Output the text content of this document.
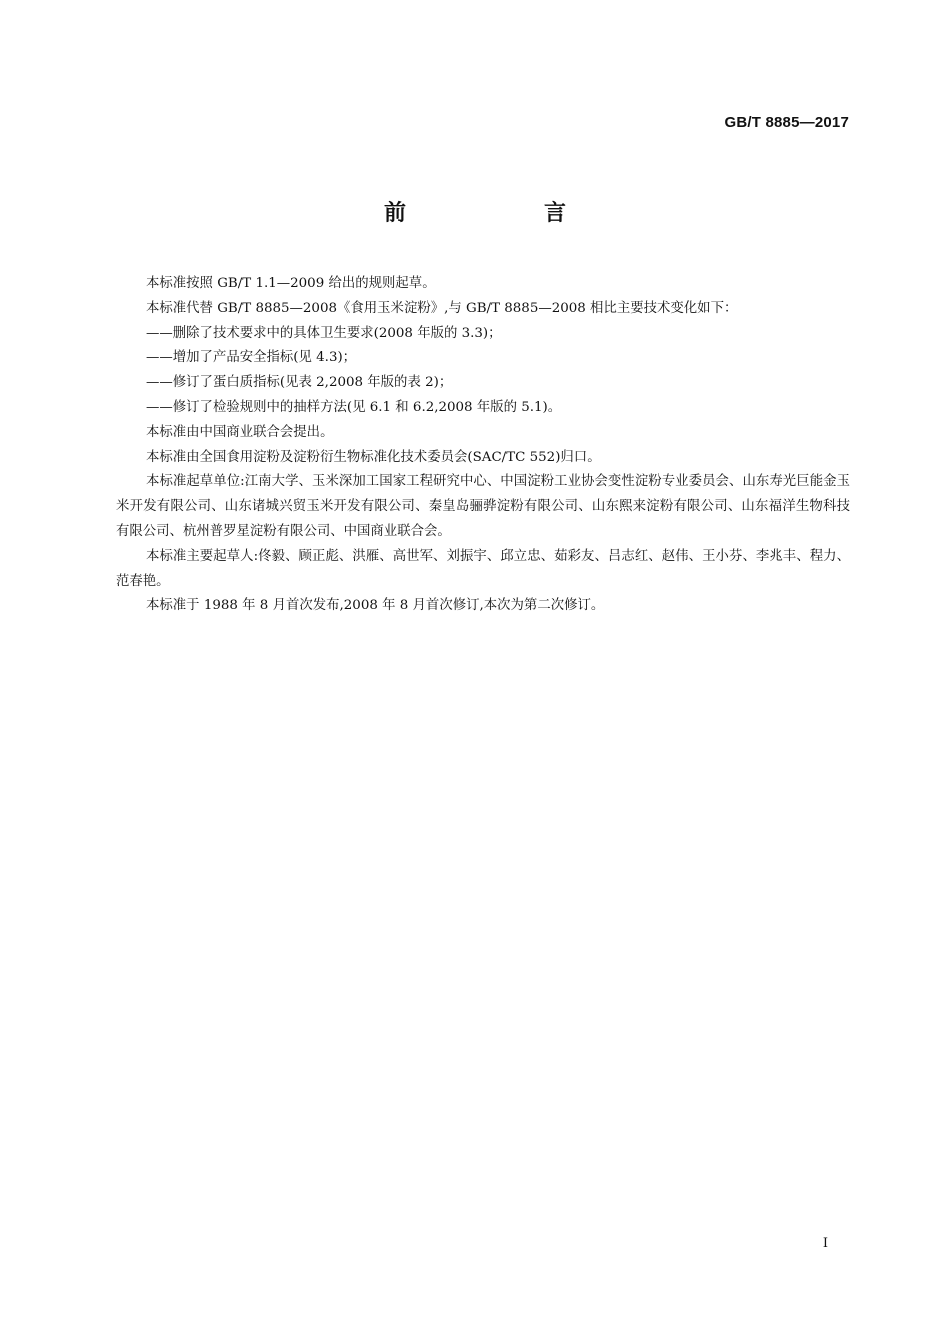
GB/T 8885—2017
前　言

本标准按照 GB/T 1.1—2009 给出的规则起草。

本标准代替 GB/T 8885—2008《食用玉米淀粉》,与 GB/T 8885—2008 相比主要技术变化如下：

——删除了技术要求中的具体卫生要求(2008 年版的 3.3)；

——增加了产品安全指标(见 4.3)；

——修订了蛋白质指标(见表 2,2008 年版的表 2)；

——修订了检验规则中的抽样方法(见 6.1 和 6.2,2008 年版的 5.1)。

本标准由中国商业联合会提出。

本标准由全国食用淀粉及淀粉衍生物标准化技术委员会(SAC/TC 552)归口。

本标准起草单位:江南大学、玉米深加工国家工程研究中心、中国淀粉工业协会变性淀粉专业委员会、山东寿光巨能金玉米开发有限公司、山东诸城兴贸玉米开发有限公司、秦皇岛骊骅淀粉有限公司、山东熙来淀粉有限公司、山东福洋生物科技有限公司、杭州普罗星淀粉有限公司、中国商业联合会。

本标准主要起草人:佟毅、顾正彪、洪雁、高世军、刘振宇、邱立忠、茹彩友、吕志红、赵伟、王小芬、李兆丰、程力、范春艳。

本标准于 1988 年 8 月首次发布,2008 年 8 月首次修订,本次为第二次修订。

I
